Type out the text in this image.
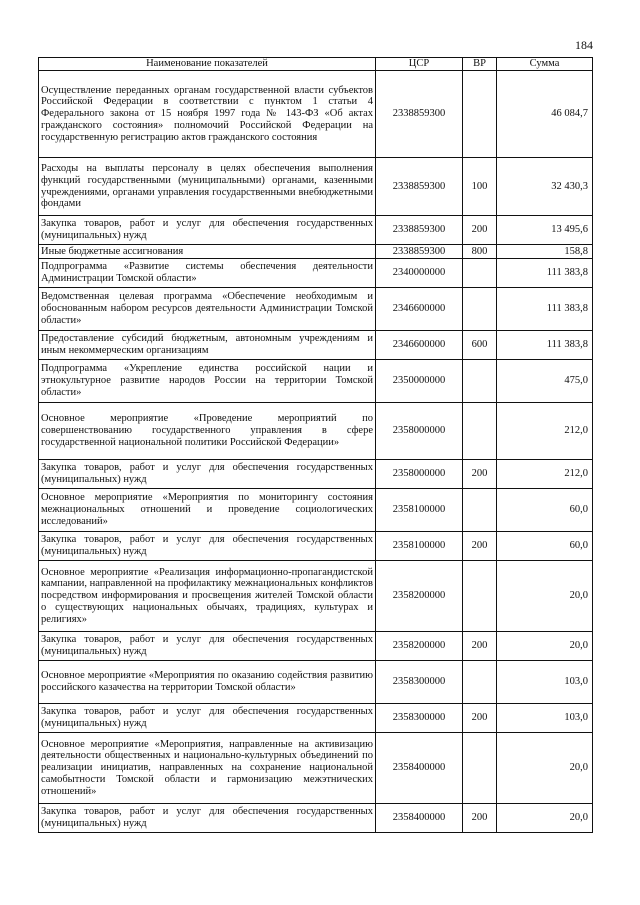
184
Наименование показателей	ЦСР	ВР	Сумма
Осуществление переданных органам государственной власти субъектов Российской Федерации в соответствии с пунктом 1 статьи 4 Федерального закона от 15 ноября 1997 года № 143-ФЗ «Об актах гражданского состояния» полномочий Российской Федерации на государственную регистрацию актов гражданского состояния	2338859300		46 084,7
Расходы на выплаты персоналу в целях обеспечения выполнения функций государственными (муниципальными) органами, казенными учреждениями, органами управления государственными внебюджетными фондами	2338859300	100	32 430,3
Закупка товаров, работ и услуг для обеспечения государственных (муниципальных) нужд	2338859300	200	13 495,6
Иные бюджетные ассигнования	2338859300	800	158,8
Подпрограмма «Развитие системы обеспечения деятельности Администрации Томской области»	2340000000		111 383,8
Ведомственная целевая программа «Обеспечение необходимым и обоснованным набором ресурсов деятельности Администрации Томской области»	2346600000		111 383,8
Предоставление субсидий бюджетным, автономным учреждениям и иным некоммерческим организациям	2346600000	600	111 383,8
Подпрограмма «Укрепление единства российской нации и этнокультурное развитие народов России на территории Томской области»	2350000000		475,0
Основное мероприятие «Проведение мероприятий по совершенствованию государственного управления в сфере государственной национальной политики Российской Федерации»	2358000000		212,0
Закупка товаров, работ и услуг для обеспечения государственных (муниципальных) нужд	2358000000	200	212,0
Основное мероприятие «Мероприятия по мониторингу состояния межнациональных отношений и проведение социологических исследований»	2358100000		60,0
Закупка товаров, работ и услуг для обеспечения государственных (муниципальных) нужд	2358100000	200	60,0
Основное мероприятие «Реализация информационно-пропагандистской кампании, направленной на профилактику межнациональных конфликтов посредством информирования и просвещения жителей Томской области о существующих национальных обычаях, традициях, культурах и религиях»	2358200000		20,0
Закупка товаров, работ и услуг для обеспечения государственных (муниципальных) нужд	2358200000	200	20,0
Основное мероприятие «Мероприятия по оказанию содействия развитию российского казачества на территории Томской области»	2358300000		103,0
Закупка товаров, работ и услуг для обеспечения государственных (муниципальных) нужд	2358300000	200	103,0
Основное мероприятие «Мероприятия, направленные на активизацию деятельности общественных и национально-культурных объединений по реализации инициатив, направленных на сохранение национальной самобытности Томской области и гармонизацию межэтнических отношений»	2358400000		20,0
Закупка товаров, работ и услуг для обеспечения государственных (муниципальных) нужд	2358400000	200	20,0
